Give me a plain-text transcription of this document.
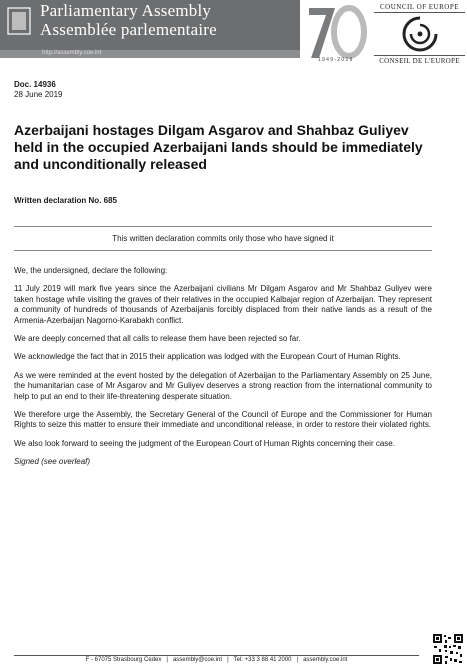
Parliamentary Assembly
Assemblée parlementaire
http://assembly.coe.int
1949-2019
COUNCIL OF EUROPE
CONSEIL DE L'EUROPE
Doc. 14936
28 June 2019
Azerbaijani hostages Dilgam Asgarov and Shahbaz Guliyev held in the occupied Azerbaijani lands should be immediately and unconditionally released
Written declaration No. 685
This written declaration commits only those who have signed it

We, the undersigned, declare the following:

11 July 2019 will mark five years since the Azerbaijani civilians Mr Dilgam Asgarov and Mr Shahbaz Guliyev were taken hostage while visiting the graves of their relatives in the occupied Kalbajar region of Azerbaijan. They represent a community of hundreds of thousands of Azerbaijanis forcibly displaced from their native lands as a result of the Armenia-Azerbaijan Nagorno-Karabakh conflict.

We are deeply concerned that all calls to release them have been rejected so far.

We acknowledge the fact that in 2015 their application was lodged with the European Court of Human Rights.

As we were reminded at the event hosted by the delegation of Azerbaijan to the Parliamentary Assembly on 25 June, the humanitarian case of Mr Asgarov and Mr Guliyev deserves a strong reaction from the international community to help to put an end to their life-threatening desperate situation.

We therefore urge the Assembly, the Secretary General of the Council of Europe and the Commissioner for Human Rights to seize this matter to ensure their immediate and unconditional release, in order to restore their violated rights.

We also look forward to seeing the judgment of the European Court of Human Rights concerning their case.

Signed (see overleaf)

F - 67075 Strasbourg Cedex | assembly@coe.int | Tel: +33 3 88 41 2000 | assembly.coe.int
